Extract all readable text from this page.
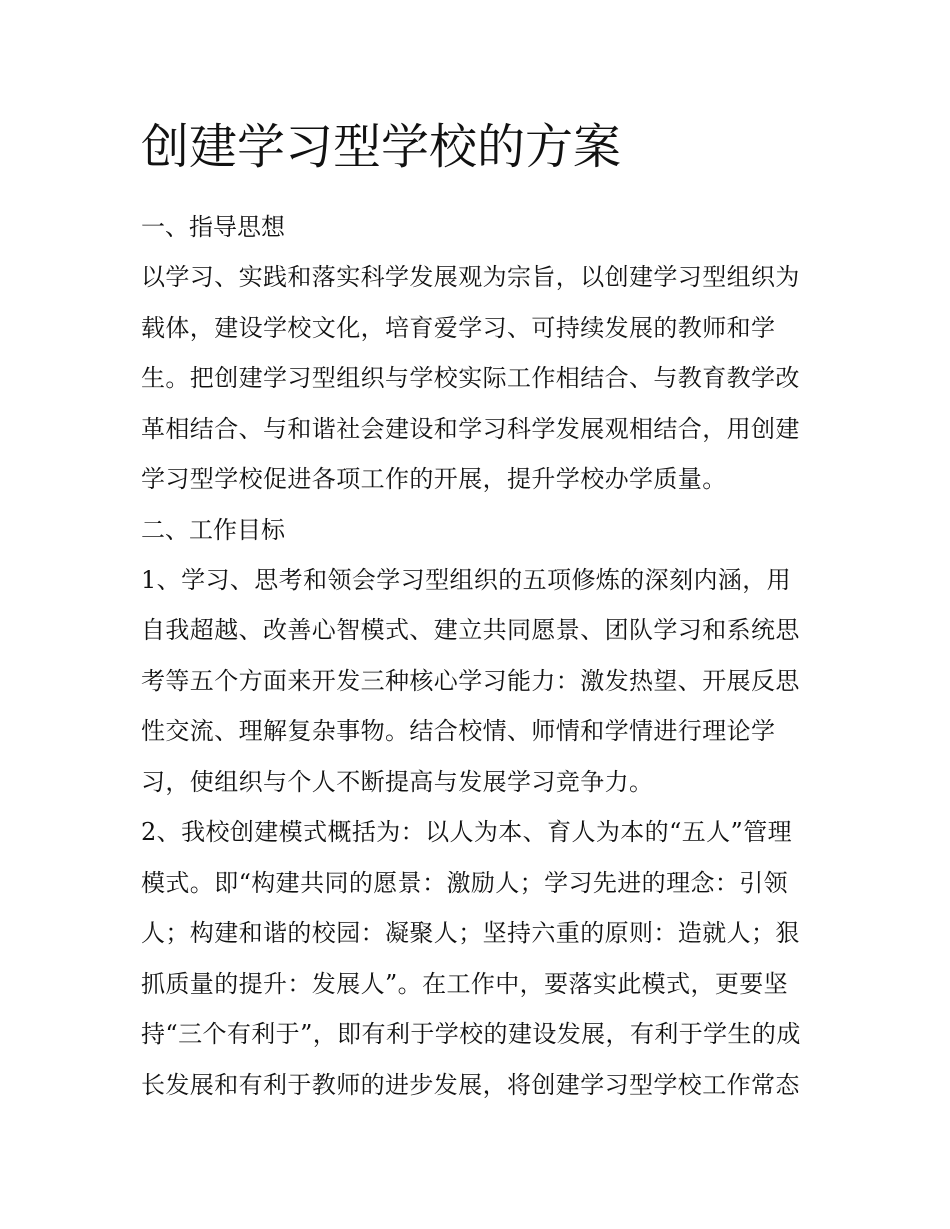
创建学习型学校的方案
一、指导思想

以学习、实践和落实科学发展观为宗旨，以创建学习型组织为

载体，建设学校文化，培育爱学习、可持续发展的教师和学

生。把创建学习型组织与学校实际工作相结合、与教育教学改

革相结合、与和谐社会建设和学习科学发展观相结合，用创建

学习型学校促进各项工作的开展，提升学校办学质量。

二、工作目标

1、学习、思考和领会学习型组织的五项修炼的深刻内涵，用

自我超越、改善心智模式、建立共同愿景、团队学习和系统思

考等五个方面来开发三种核心学习能力：激发热望、开展反思

性交流、理解复杂事物。结合校情、师情和学情进行理论学

习，使组织与个人不断提高与发展学习竞争力。

2、我校创建模式概括为：以人为本、育人为本的“五人”管理

模式。即“构建共同的愿景：激励人；学习先进的理念：引领

人；构建和谐的校园：凝聚人；坚持六重的原则：造就人；狠

抓质量的提升：发展人”。在工作中，要落实此模式，更要坚

持“三个有利于”，即有利于学校的建设发展，有利于学生的成

长发展和有利于教师的进步发展，将创建学习型学校工作常态
